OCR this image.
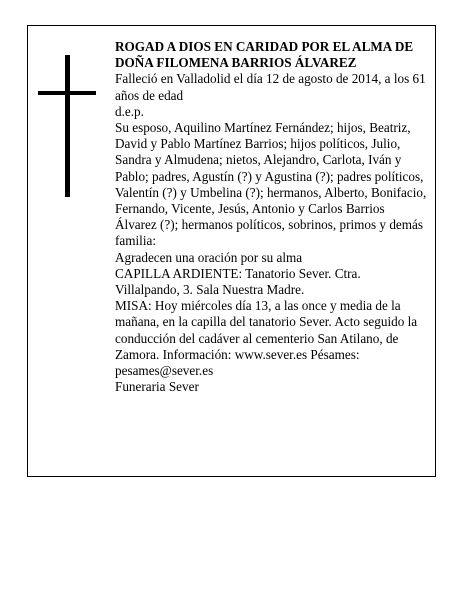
ROGAD A DIOS EN CARIDAD POR EL ALMA DE

DOÑA FILOMENA BARRIOS ÁLVAREZ

Falleció en Valladolid el día 12 de agosto de 2014, a los 61 años de edad

d.e.p.

Su esposo, Aquilino Martínez Fernández; hijos, Beatriz, David y Pablo Martínez Barrios; hijos políticos, Julio, Sandra y Almudena; nietos, Alejandro, Carlota, Iván y Pablo; padres, Agustín (?) y Agustina (?); padres políticos, Valentín (?) y Umbelina (?); hermanos, Alberto, Bonifacio, Fernando, Vicente, Jesús, Antonio y Carlos Barrios Álvarez (?); hermanos políticos, sobrinos, primos y demás familia:

Agradecen una oración por su alma

CAPILLA ARDIENTE: Tanatorio Sever. Ctra. Villalpando, 3. Sala Nuestra Madre.

MISA: Hoy miércoles día 13, a las once y media de la mañana, en la capilla del tanatorio Sever. Acto seguido la conducción del cadáver al cementerio San Atilano, de Zamora. Información: www.sever.es Pésames: pesames@sever.es

Funeraria Sever
